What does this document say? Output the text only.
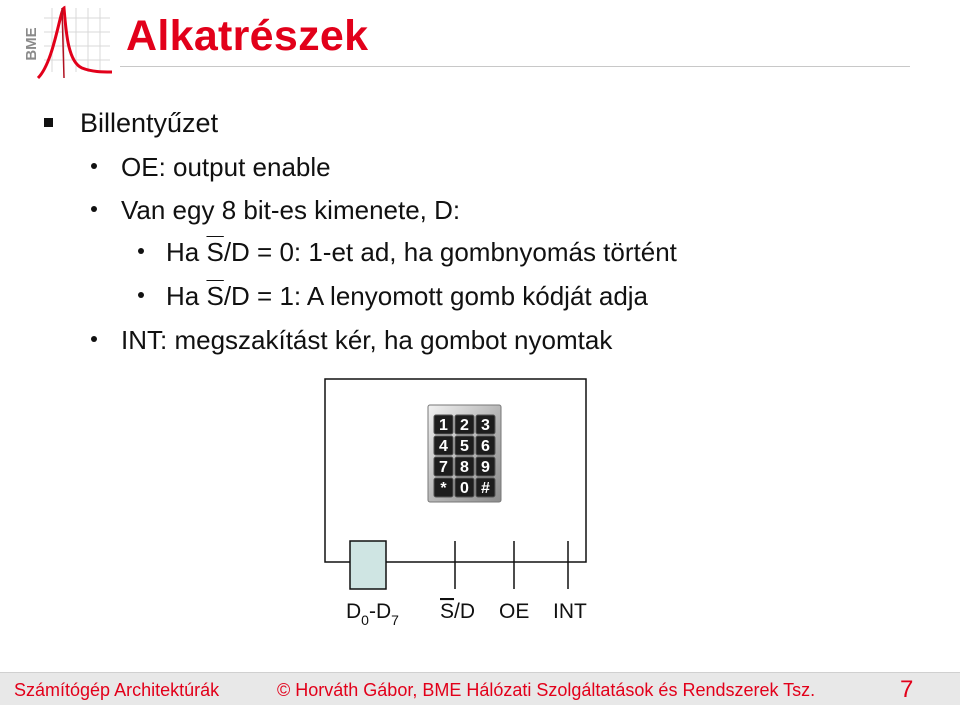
BME Alkatrészek
Billentyűzet
OE: output enable
Van egy 8 bit-es kimenete, D:
Ha $\overline{S}/D = 0$: 1-et ad, ha gombnyomás történt
Ha $\overline{S}/D = 1$: A lenyomott gomb kódját adja
INT: megszakítást kér, ha gombot nyomtak
1 2 3
4 5 6
7 8 9
* 0 #
$D_0-D_7$ S/D OE INT
Számítógép Architektúrák	© Horváth Gábor, BME Hálózati Szolgáltatások és Rendszerek Tsz.	7
